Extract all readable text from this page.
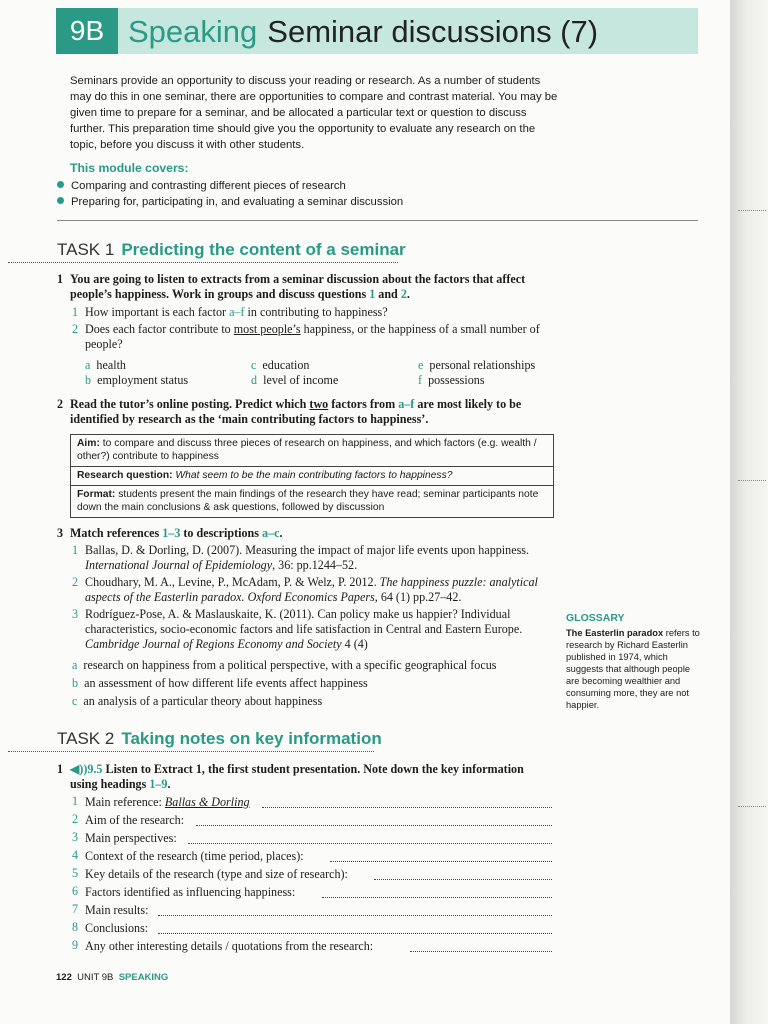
9B Speaking Seminar discussions (7)
Seminars provide an opportunity to discuss your reading or research. As a number of students may do this in one seminar, there are opportunities to compare and contrast material. You may be given time to prepare for a seminar, and be allocated a particular text or question to discuss further. This preparation time should give you the opportunity to evaluate any research on the topic, before you discuss it with other students.
This module covers:
Comparing and contrasting different pieces of research
Preparing for, participating in, and evaluating a seminar discussion
TASK 1 Predicting the content of a seminar
1 You are going to listen to extracts from a seminar discussion about the factors that affect people’s happiness. Work in groups and discuss questions 1 and 2.
1 How important is each factor a–f in contributing to happiness?
2 Does each factor contribute to most people’s happiness, or the happiness of a small number of people?
a health
b employment status
c education
d level of income
e personal relationships
f possessions
2 Read the tutor’s online posting. Predict which two factors from a–f are most likely to be identified by research as the ‘main contributing factors to happiness’.
Aim: to compare and discuss three pieces of research on happiness, and which factors (e.g. wealth / other?) contribute to happiness
Research question: What seem to be the main contributing factors to happiness?
Format: students present the main findings of the research they have read; seminar participants note down the main conclusions & ask questions, followed by discussion
3 Match references 1–3 to descriptions a–c.
1 Ballas, D. & Dorling, D. (2007). Measuring the impact of major life events upon happiness. International Journal of Epidemiology, 36: pp.1244–52.
2 Choudhary, M. A., Levine, P., McAdam, P. & Welz, P. 2012. The happiness puzzle: analytical aspects of the Easterlin paradox. Oxford Economics Papers, 64 (1) pp.27–42.
3 Rodríguez-Pose, A. & Maslauskaite, K. (2011). Can policy make us happier? Individual characteristics, socio-economic factors and life satisfaction in Central and Eastern Europe. Cambridge Journal of Regions Economy and Society 4 (4)
a research on happiness from a political perspective, with a specific geographical focus
b an assessment of how different life events affect happiness
c an analysis of a particular theory about happiness
GLOSSARY
The Easterlin paradox refers to research by Richard Easterlin published in 1974, which suggests that although people are becoming wealthier and consuming more, they are not happier.
TASK 2 Taking notes on key information
1 ◀))9.5 Listen to Extract 1, the first student presentation. Note down the key information using headings 1–9.
1 Main reference: Ballas & Dorling
2 Aim of the research:
3 Main perspectives:
4 Context of the research (time period, places):
5 Key details of the research (type and size of research):
6 Factors identified as influencing happiness:
7 Main results:
8 Conclusions:
9 Any other interesting details / quotations from the research:
122 UNIT 9B SPEAKING
